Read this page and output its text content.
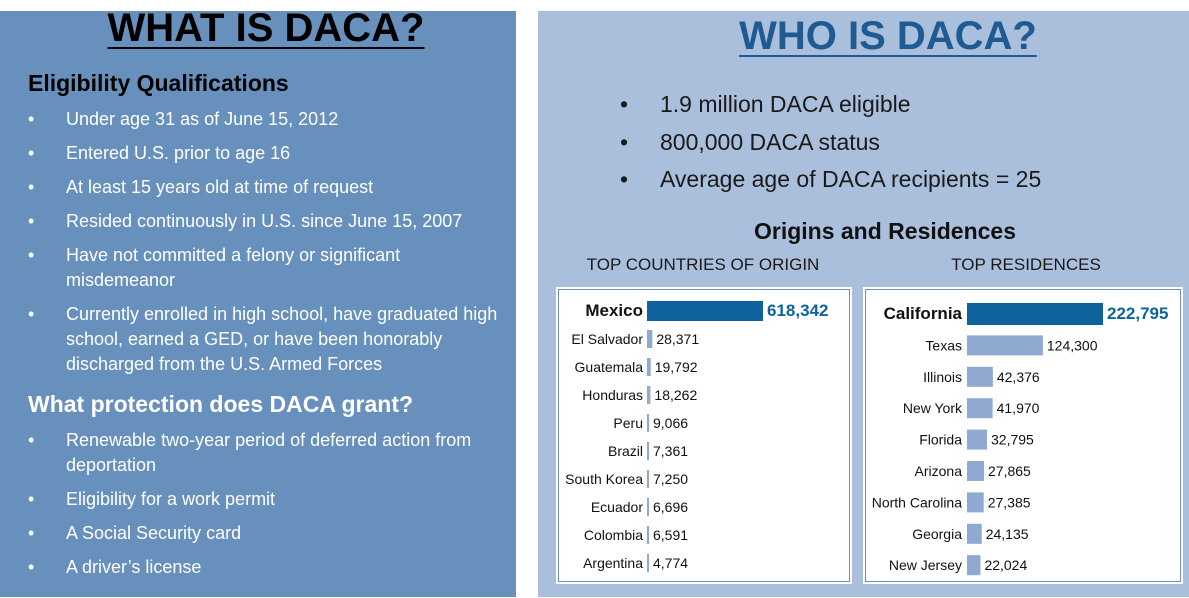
WHAT IS DACA?
Eligibility Qualifications
• Under age 31 as of June 15, 2012
• Entered U.S. prior to age 16
• At least 15 years old at time of request
• Resided continuously in U.S. since June 15, 2007
• Have not committed a felony or significant misdemeanor
• Currently enrolled in high school, have graduated high school, earned a GED, or have been honorably discharged from the U.S. Armed Forces
What protection does DACA grant?
• Renewable two-year period of deferred action from deportation
• Eligibility for a work permit
• A Social Security card
• A driver’s license
WHO IS DACA?
• 1.9 million DACA eligible
• 800,000 DACA status
• Average age of DACA recipients = 25
Origins and Residences
TOP COUNTRIES OF ORIGIN	TOP RESIDENCES
Mexico	618,342
El Salvador 28,371
Guatemala 19,792
Honduras 18,262
Peru 9,066
Brazil 7,361
South Korea 7,250
Ecuador 6,696
Colombia 6,591
Argentina 4,774
California	222,795
Texas	124,300
Illinois 42,376
New York 41,970
Florida 32,795
Arizona 27,865
North Carolina 27,385
Georgia 24,135
New Jersey 22,024
